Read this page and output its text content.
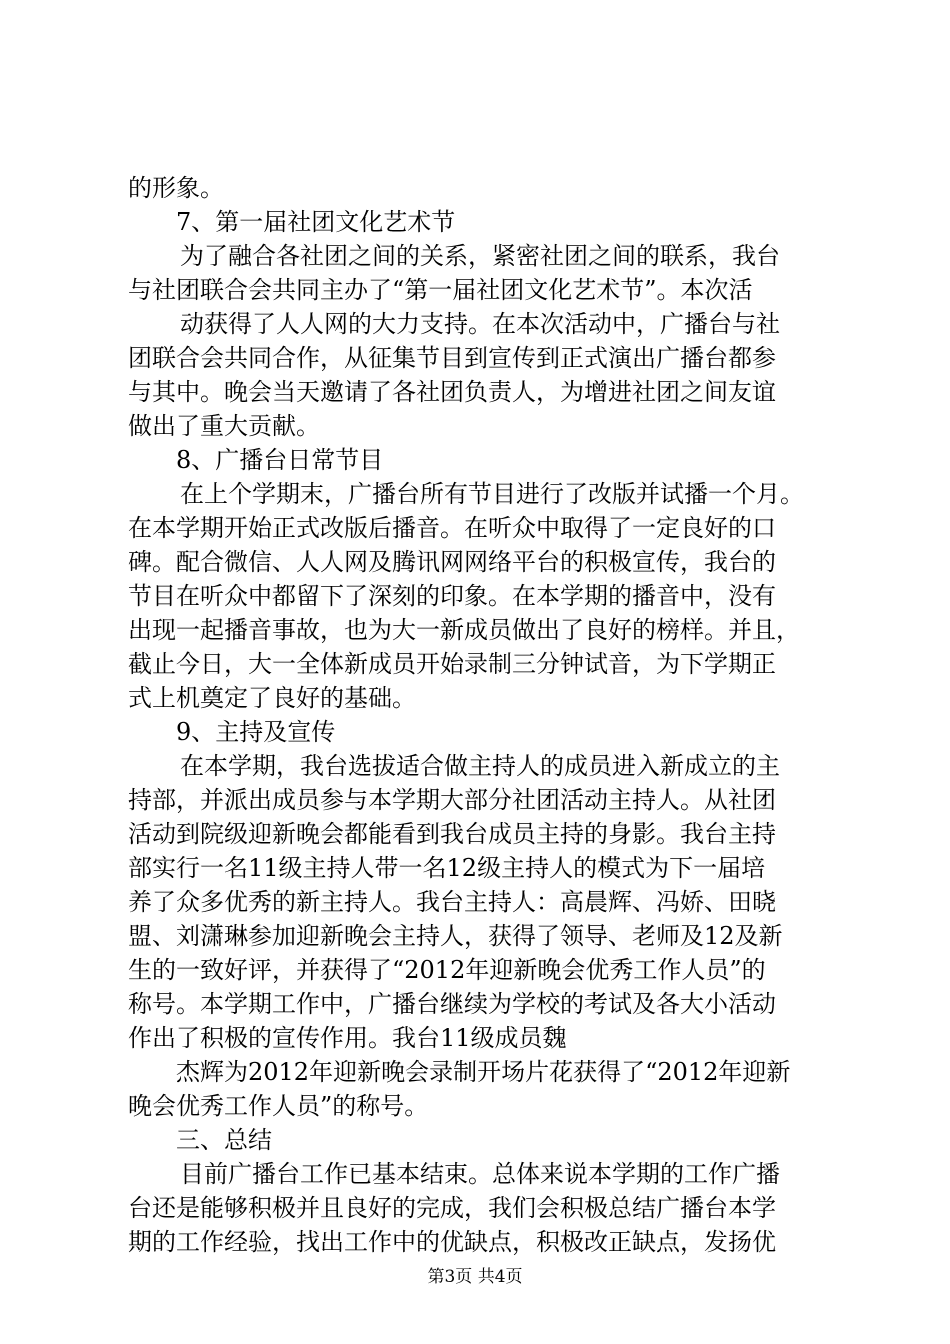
的形象。
7、第一届社团文化艺术节
为了融合各社团之间的关系，紧密社团之间的联系，我台
与社团联合会共同主办了“第一届社团文化艺术节”。本次活
动获得了人人网的大力支持。在本次活动中，广播台与社
团联合会共同合作，从征集节目到宣传到正式演出广播台都参
与其中。晚会当天邀请了各社团负责人，为增进社团之间友谊
做出了重大贡献。
8、广播台日常节目
在上个学期末，广播台所有节目进行了改版并试播一个月。
在本学期开始正式改版后播音。在听众中取得了一定良好的口
碑。配合微信、人人网及腾讯网网络平台的积极宣传，我台的
节目在听众中都留下了深刻的印象。在本学期的播音中，没有
出现一起播音事故，也为大一新成员做出了良好的榜样。并且，
截止今日，大一全体新成员开始录制三分钟试音，为下学期正
式上机奠定了良好的基础。
9、主持及宣传
在本学期，我台选拔适合做主持人的成员进入新成立的主
持部，并派出成员参与本学期大部分社团活动主持人。从社团
活动到院级迎新晚会都能看到我台成员主持的身影。我台主持
部实行一名11级主持人带一名12级主持人的模式为下一届培
养了众多优秀的新主持人。我台主持人：高晨辉、冯娇、田晓
盟、刘潇琳参加迎新晚会主持人，获得了领导、老师及12及新
生的一致好评，并获得了“2012年迎新晚会优秀工作人员”的
称号。本学期工作中，广播台继续为学校的考试及各大小活动
作出了积极的宣传作用。我台11级成员魏
杰辉为2012年迎新晚会录制开场片花获得了“2012年迎新
晚会优秀工作人员”的称号。
三、总结
目前广播台工作已基本结束。总体来说本学期的工作广播
台还是能够积极并且良好的完成，我们会积极总结广播台本学
期的工作经验，找出工作中的优缺点，积极改正缺点，发扬优
第3页 共4页
